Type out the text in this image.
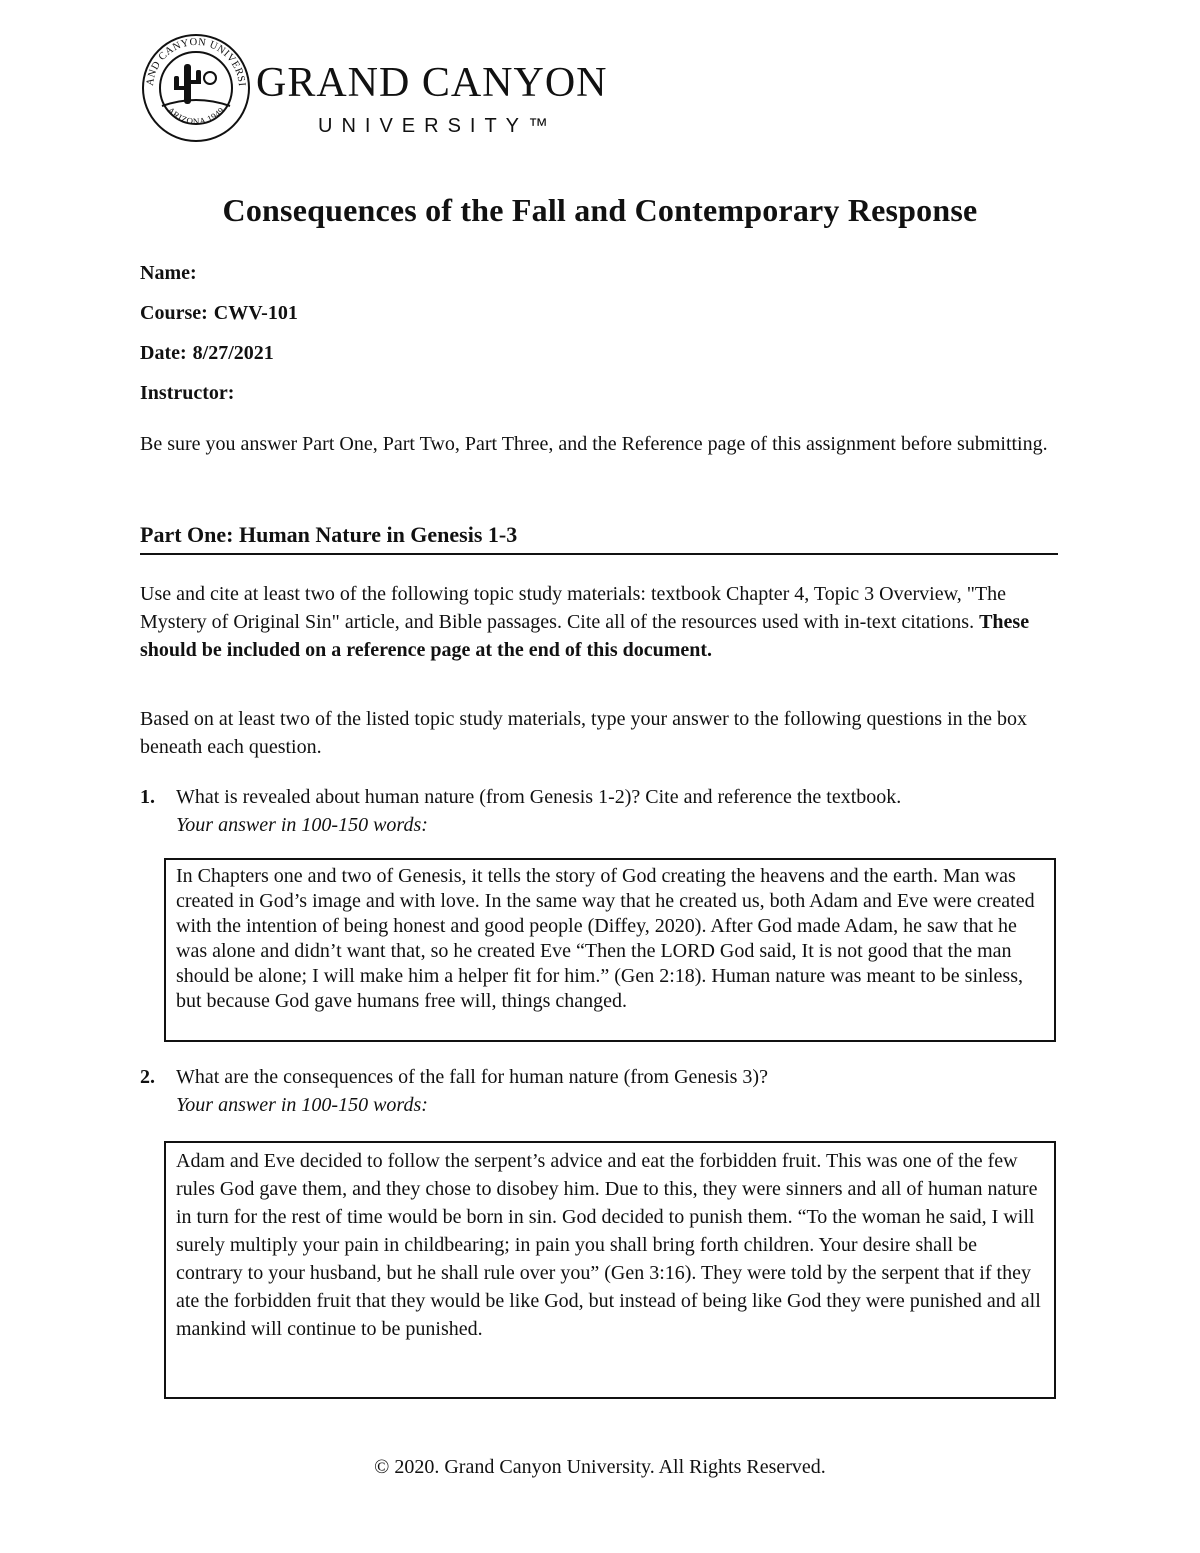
AND CANYON UNIVERSI
ARIZONA 1949
GRAND CANYON
UNIVERSITY™
Consequences of the Fall and Contemporary Response
Name:
Course: CWV-101
Date: 8/27/2021
Instructor:
Be sure you answer Part One, Part Two, Part Three, and the Reference page of this assignment before submitting.
Part One: Human Nature in Genesis 1-3
Use and cite at least two of the following topic study materials: textbook Chapter 4, Topic 3 Overview, "The Mystery of Original Sin" article, and Bible passages. Cite all of the resources used with in-text citations. These should be included on a reference page at the end of this document.
Based on at least two of the listed topic study materials, type your answer to the following questions in the box beneath each question.
1. What is revealed about human nature (from Genesis 1-2)? Cite and reference the textbook.
Your answer in 100-150 words:
In Chapters one and two of Genesis, it tells the story of God creating the heavens and the earth. Man was created in God’s image and with love. In the same way that he created us, both Adam and Eve were created with the intention of being honest and good people (Diffey, 2020). After God made Adam, he saw that he was alone and didn’t want that, so he created Eve “Then the LORD God said, It is not good that the man should be alone; I will make him a helper fit for him.” (Gen 2:18). Human nature was meant to be sinless, but because God gave humans free will, things changed.
2. What are the consequences of the fall for human nature (from Genesis 3)?
Your answer in 100-150 words:
Adam and Eve decided to follow the serpent’s advice and eat the forbidden fruit. This was one of the few rules God gave them, and they chose to disobey him. Due to this, they were sinners and all of human nature in turn for the rest of time would be born in sin. God decided to punish them. “To the woman he said, I will surely multiply your pain in childbearing; in pain you shall bring forth children. Your desire shall be contrary to your husband, but he shall rule over you” (Gen 3:16). They were told by the serpent that if they ate the forbidden fruit that they would be like God, but instead of being like God they were punished and all mankind will continue to be punished.
© 2020. Grand Canyon University. All Rights Reserved.
